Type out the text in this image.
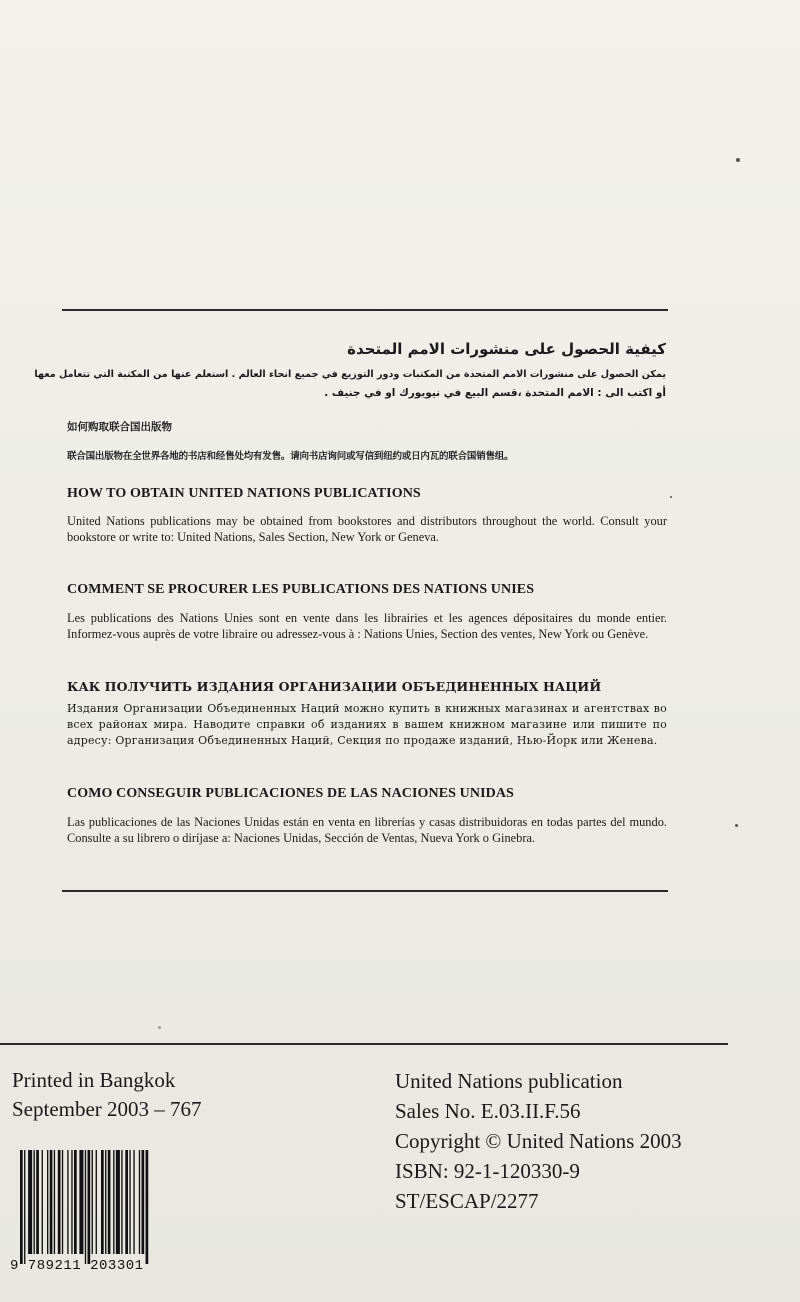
كيفية الحصول على منشورات الامم المتحدة
يمكن الحصول على منشورات الامم المتحدة من المكتبات ودور التوزيع في جميع انحاء العالم . استعلم عنها من المكتبة التي تتعامل معها
أو اكتب الى : الامم المتحدة ،قسم البيع في نيويورك او في جنيف .
如何购取联合国出版物
联合国出版物在全世界各地的书店和经售处均有发售。请向书店询问或写信到纽约或日内瓦的联合国销售组。
HOW TO OBTAIN UNITED NATIONS PUBLICATIONS
United Nations publications may be obtained from bookstores and distributors throughout the world. Consult your bookstore or write to: United Nations, Sales Section, New York or Geneva.
COMMENT SE PROCURER LES PUBLICATIONS DES NATIONS UNIES
Les publications des Nations Unies sont en vente dans les librairies et les agences dépositaires du monde entier. Informez-vous auprès de votre libraire ou adressez-vous à : Nations Unies, Section des ventes, New York ou Genève.
КАК ПОЛУЧИТЬ ИЗДАНИЯ ОРГАНИЗАЦИИ ОБЪЕДИНЕННЫХ НАЦИЙ
Издания Организации Объединенных Наций можно купить в книжных магазинах и агентствах во всех районах мира. Наводите справки об изданиях в вашем книжном магазине или пишите по адресу: Организация Объединенных Наций, Секция по продаже изданий, Нью-Йорк или Женева.
COMO CONSEGUIR PUBLICACIONES DE LAS NACIONES UNIDAS
Las publicaciones de las Naciones Unidas están en venta en librerías y casas distribuidoras en todas partes del mundo. Consulte a su librero o diríjase a: Naciones Unidas, Sección de Ventas, Nueva York o Ginebra.
Printed in Bangkok
September 2003 – 767
United Nations publication
Sales No. E.03.II.F.56
Copyright © United Nations 2003
ISBN: 92-1-120330-9
ST/ESCAP/2277
9 789211 203301
